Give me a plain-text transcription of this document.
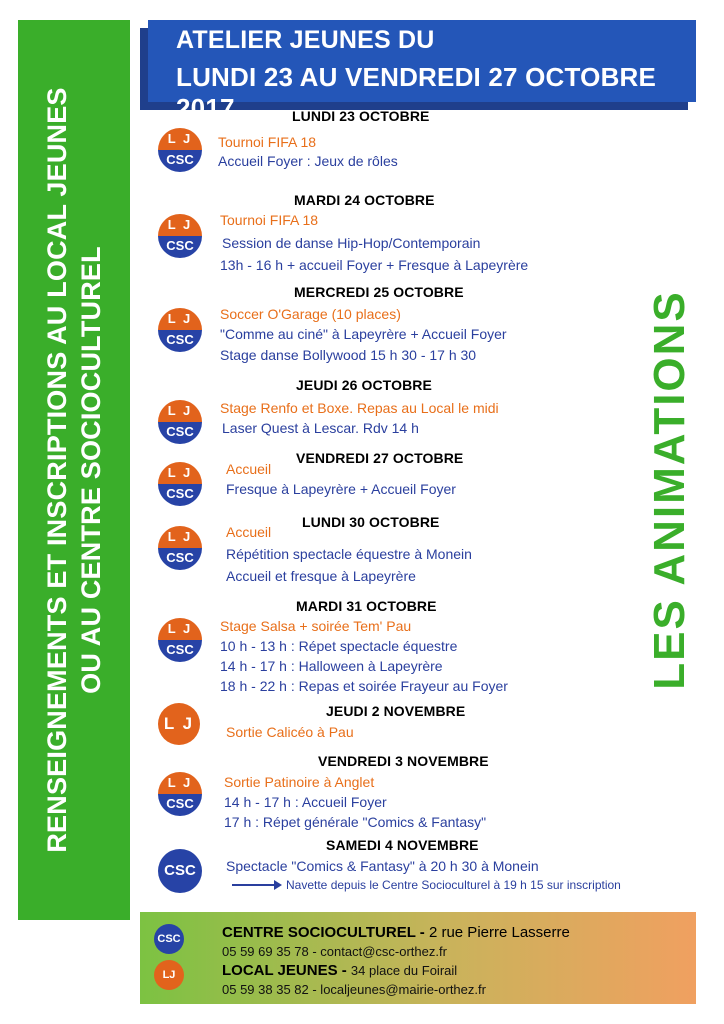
RENSEIGNEMENTS ET INSCRIPTIONS AU LOCAL JEUNES OU AU CENTRE SOCIOCULTUREL
ATELIER JEUNES DU
LUNDI 23 AU VENDREDI 27 OCTOBRE 2017
LES ANIMATIONS
LUNDI 23 OCTOBRE
L J
CSC
Tournoi FIFA 18
Accueil Foyer : Jeux de rôles
MARDI 24 OCTOBRE
L J
CSC
Tournoi FIFA 18
Session de danse Hip-Hop/Contemporain
13h - 16 h + accueil Foyer + Fresque à Lapeyrère
MERCREDI 25 OCTOBRE
L J
CSC
Soccer O'Garage (10 places)
"Comme au ciné" à Lapeyrère + Accueil Foyer
Stage danse Bollywood 15 h 30 - 17 h 30
JEUDI 26 OCTOBRE
L J
CSC
Stage Renfo et Boxe. Repas au Local le midi
Laser Quest à Lescar. Rdv 14 h
VENDREDI 27 OCTOBRE
L J
CSC
Accueil
Fresque à Lapeyrère + Accueil Foyer
LUNDI 30 OCTOBRE
L J
CSC
Accueil
Répétition spectacle équestre à Monein
Accueil et fresque à Lapeyrère
MARDI 31 OCTOBRE
L J
CSC
Stage Salsa + soirée Tem' Pau
10 h - 13 h : Répet spectacle équestre
14 h - 17 h : Halloween à Lapeyrère
18 h - 22 h : Repas et soirée Frayeur au Foyer
JEUDI 2 NOVEMBRE
L J	Sortie Calicéo à Pau
VENDREDI 3 NOVEMBRE
L J
CSC
Sortie Patinoire à Anglet
14 h - 17 h : Accueil Foyer
17 h : Répet générale "Comics & Fantasy"
SAMEDI 4 NOVEMBRE
CSC	Spectacle "Comics & Fantasy" à 20 h 30 à Monein
Navette depuis le Centre Socioculturel à 19 h 15 sur inscription
CSC
LJ
CENTRE SOCIOCULTUREL - 2 rue Pierre Lasserre
05 59 69 35 78 - contact@csc-orthez.fr
LOCAL JEUNES - 34 place du Foirail
05 59 38 35 82 - localjeunes@mairie-orthez.fr
